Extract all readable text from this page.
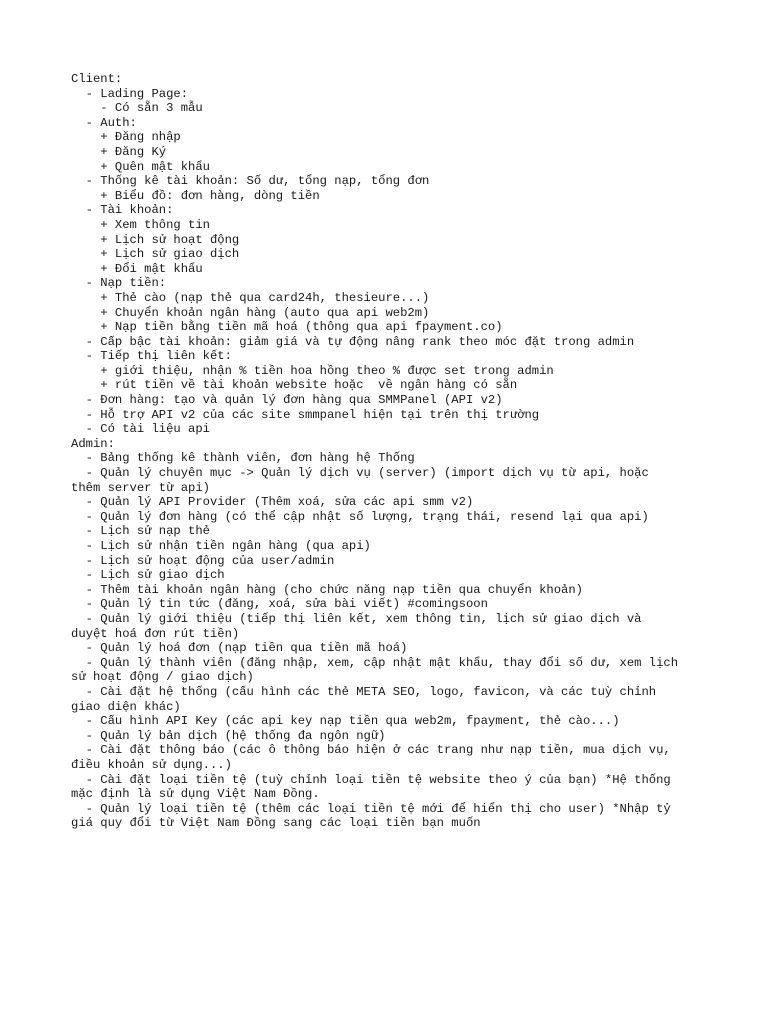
Client:
- Lading Page:
- Có sẵn 3 mẫu
- Auth:
+ Đăng nhập
+ Đăng Ký
+ Quên mật khẩu
- Thống kê tài khoản: Số dư, tổng nạp, tổng đơn
+ Biểu đồ: đơn hàng, dòng tiền
- Tài khoản:
+ Xem thông tin
+ Lịch sử hoạt động
+ Lịch sử giao dịch
+ Đổi mật khẩu
- Nạp tiền:
+ Thẻ cào (nạp thẻ qua card24h, thesieure...)
+ Chuyển khoản ngân hàng (auto qua api web2m)
+ Nạp tiền bằng tiền mã hoá (thông qua api fpayment.co)
- Cấp bậc tài khoản: giảm giá và tự động nâng rank theo móc đặt trong admin
- Tiếp thị liên kết:
+ giới thiệu, nhận % tiền hoa hồng theo % được set trong admin
+ rút tiền về tài khoản website hoặc  về ngân hàng có sẵn
- Đơn hàng: tạo và quản lý đơn hàng qua SMMPanel (API v2)
- Hỗ trợ API v2 của các site smmpanel hiện tại trên thị trường
- Có tài liệu api
Admin:
- Bảng thống kê thành viên, đơn hàng hệ Thống
- Quản lý chuyên mục -> Quản lý dịch vụ (server) (import dịch vụ từ api, hoặc
thêm server từ api)
- Quản lý API Provider (Thêm xoá, sửa các api smm v2)
- Quản lý đơn hàng (có thể cập nhật số lượng, trạng thái, resend lại qua api)
- Lịch sử nạp thẻ
- Lịch sử nhận tiền ngân hàng (qua api)
- Lịch sử hoạt động của user/admin
- Lịch sử giao dịch
- Thêm tài khoản ngân hàng (cho chức năng nạp tiền qua chuyển khoản)
- Quản lý tin tức (đăng, xoá, sửa bài viết) #comingsoon
- Quản lý giới thiệu (tiếp thị liên kết, xem thông tin, lịch sử giao dịch và
duyệt hoá đơn rút tiền)
- Quản lý hoá đơn (nạp tiền qua tiền mã hoá)
- Quản lý thành viên (đăng nhập, xem, cập nhật mật khẩu, thay đổi số dư, xem lịch
sử hoạt động / giao dịch)
- Cài đặt hệ thống (cấu hình các thẻ META SEO, logo, favicon, và các tuỳ chỉnh
giao diện khác)
- Cấu hình API Key (các api key nạp tiền qua web2m, fpayment, thẻ cào...)
- Quản lý bản dịch (hệ thống đa ngôn ngữ)
- Cài đặt thông báo (các ô thông báo hiện ở các trang như nạp tiền, mua dịch vụ,
điều khoản sử dụng...)
- Cài đặt loại tiền tệ (tuỳ chỉnh loại tiền tệ website theo ý của bạn) *Hệ thống
mặc định là sử dụng Việt Nam Đồng.
- Quản lý loại tiền tệ (thêm các loại tiền tệ mới để hiển thị cho user) *Nhập tỷ
giá quy đổi từ Việt Nam Đồng sang các loại tiền bạn muốn
